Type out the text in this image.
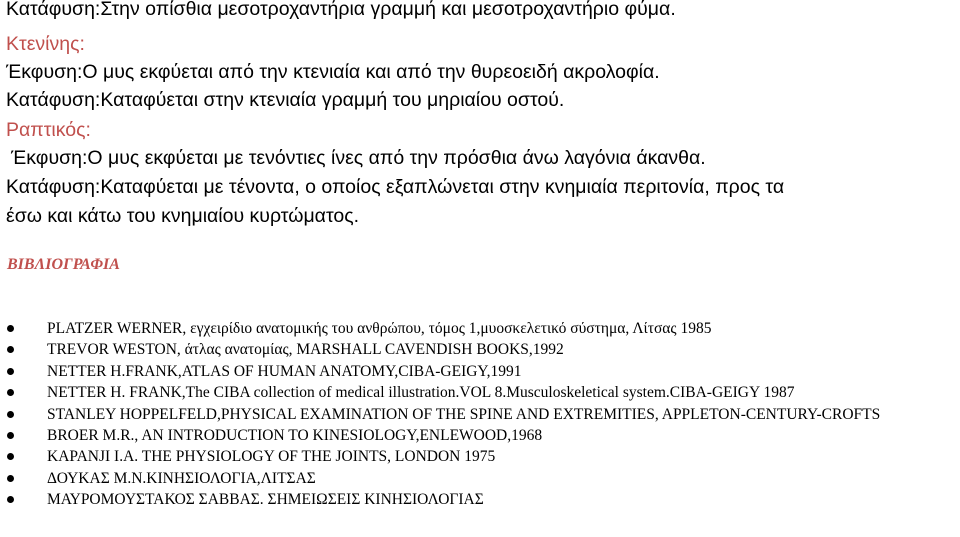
Κατάφυση:Στην οπίσθια μεσοτροχαντήρια γραμμή και μεσοτροχαντήριο φύμα.
Κτενίνης:
Έκφυση:Ο μυς εκφύεται από την κτενιαία και από την θυρεοειδή ακρολοφία.
Κατάφυση:Καταφύεται στην κτενιαία γραμμή του μηριαίου οστού.
Ραπτικός:
Έκφυση:Ο μυς εκφύεται με τενόντιες ίνες από την πρόσθια άνω λαγόνια άκανθα.
Κατάφυση:Καταφύεται με τένοντα, ο οποίος εξαπλώνεται στην κνημιαία περιτονία, προς τα
έσω και κάτω του κνημιαίου κυρτώματος.
ΒΙΒΛΙΟΓΡΑΦΙΑ
PLATZER WERNER, εγχειρίδιο ανατομικής του ανθρώπου, τόμος 1,μυοσκελετικό σύστημα, Λίτσας 1985
TREVOR WESTON, άτλας ανατομίας, MARSHALL CAVENDISH BOOKS,1992
NETTER H.FRANK,ATLAS OF HUMAN ANATOMY,CIBA-GEIGY,1991
NETTER H. FRANK,The CIBA collection of medical illustration.VOL 8.Musculoskeletical system.CIBA-GEIGY 1987
STANLEY HOPPELFELD,PHYSICAL EXAMINATION OF THE SPINE AND EXTREMITIES, APPLETON-CENTURY-CROFTS
BROER M.R., AN INTRODUCTION TO KINESIOLOGY,ENLEWOOD,1968
KAPANJI I.A. THE PHYSIOLOGY OF THE JOINTS, LONDON 1975
ΔΟΥΚΑΣ Μ.Ν.ΚΙΝΗΣΙΟΛΟΓΙΑ,ΛΙΤΣΑΣ
ΜΑΥΡΟΜΟΥΣΤΑΚΟΣ ΣΑΒΒΑΣ. ΣΗΜΕΙΩΣΕΙΣ ΚΙΝΗΣΙΟΛΟΓΙΑΣ
